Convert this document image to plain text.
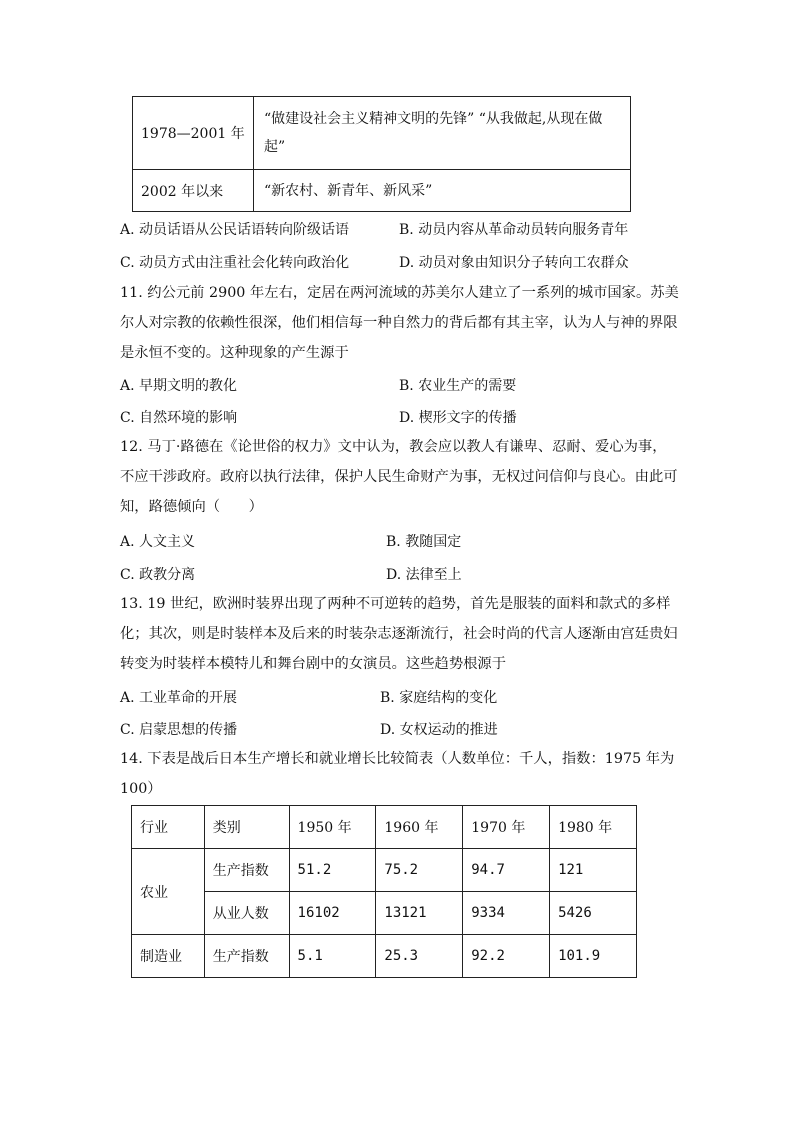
1978—2001 年	“做建设社会主义精神文明的先锋” “从我做起,从现在做起”
2002 年以来	“新农村、新青年、新风采”
A. 动员话语从公民话语转向阶级话语	B. 动员内容从革命动员转向服务青年
C. 动员方式由注重社会化转向政治化	D. 动员对象由知识分子转向工农群众
11. 约公元前 2900 年左右，定居在两河流域的苏美尔人建立了一系列的城市国家。苏美尔人对宗教的依赖性很深，他们相信每一种自然力的背后都有其主宰，认为人与神的界限是永恒不变的。这种现象的产生源于
A. 早期文明的教化	B. 农业生产的需要
C. 自然环境的影响	D. 楔形文字的传播
12. 马丁·路德在《论世俗的权力》文中认为，教会应以教人有谦卑、忍耐、爱心为事，不应干涉政府。政府以执行法律，保护人民生命财产为事，无权过问信仰与良心。由此可知，路德倾向（　　）
A. 人文主义	B. 教随国定
C. 政教分离	D. 法律至上
13. 19 世纪，欧洲时装界出现了两种不可逆转的趋势，首先是服装的面料和款式的多样化；其次，则是时装样本及后来的时装杂志逐渐流行，社会时尚的代言人逐渐由宫廷贵妇转变为时装样本模特儿和舞台剧中的女演员。这些趋势根源于
A. 工业革命的开展	B. 家庭结构的变化
C. 启蒙思想的传播	D. 女权运动的推进
14. 下表是战后日本生产增长和就业增长比较简表（人数单位：千人，指数：1975 年为 100）
行业	类别	1950 年	1960 年	1970 年	1980 年
农业	生产指数	51.2	75.2	94.7	121
	从业人数	16102	13121	9334	5426
制造业	生产指数	5.1	25.3	92.2	101.9
